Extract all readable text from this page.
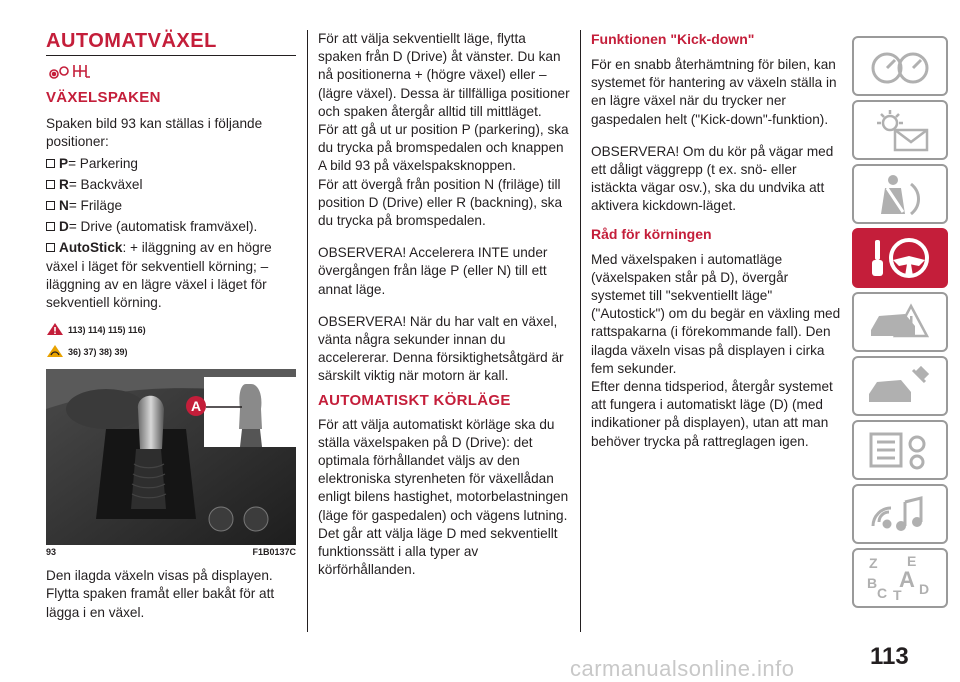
AUTOMATVÄXEL
VÄXELSPAKEN

Spaken bild 93 kan ställas i följande positioner:

P= Parkering
R= Backväxel
N= Friläge
D= Drive (automatisk framväxel).

AutoStick: + iläggning av en högre växel i läget för sekventiell körning; – iläggning av en lägre växel i läget för sekventiell körning.

113) 114) 115) 116)
36) 37) 38) 39)
A
93	F1B0137C

Den ilagda växeln visas på displayen. Flytta spaken framåt eller bakåt för att lägga i en växel.

För att välja sekventiellt läge, flytta spaken från D (Drive) åt vänster. Du kan nå positionerna + (högre växel) eller – (lägre växel). Dessa är tillfälliga positioner och spaken återgår alltid till mittläget.

För att gå ut ur position P (parkering), ska du trycka på bromspedalen och knappen A bild 93 på växelspaksknoppen.

För att övergå från position N (friläge) till position D (Drive) eller R (backning), ska du trycka på bromspedalen.

OBSERVERA! Accelerera INTE under övergången från läge P (eller N) till ett annat läge.

OBSERVERA! När du har valt en växel, vänta några sekunder innan du accelererar. Denna försiktighetsåtgärd är särskilt viktig när motorn är kall.

AUTOMATISKT KÖRLÄGE

För att välja automatiskt körläge ska du ställa växelspaken på D (Drive): det optimala förhållandet väljs av den elektroniska styrenheten för växellådan enligt bilens hastighet, motorbelastningen (läge för gaspedalen) och vägens lutning.

Det går att välja läge D med sekventiellt funktionssätt i alla typer av körförhållanden.

Funktionen "Kick-down"

För en snabb återhämtning för bilen, kan systemet för hantering av växeln ställa in en lägre växel när du trycker ner gaspedalen helt ("Kick-down"-funktion).

OBSERVERA! Om du kör på vägar med ett dåligt väggrepp (t ex. snö- eller istäckta vägar osv.), ska du undvika att aktivera kickdown-läget.

Råd för körningen

Med växelspaken i automatläge (växelspaken står på D), övergår systemet till "sekventiellt läge" ("Autostick") om du begär en växling med rattspakarna (i förekommande fall). Den ilagda växeln visas på displayen i cirka fem sekunder.

Efter denna tidsperiod, återgår systemet att fungera i automatiskt läge (D) (med indikationer på displayen), utan att man behöver trycka på rattreglagen igen.

Z E
B A
C T D
113
carmanualsonline.info
